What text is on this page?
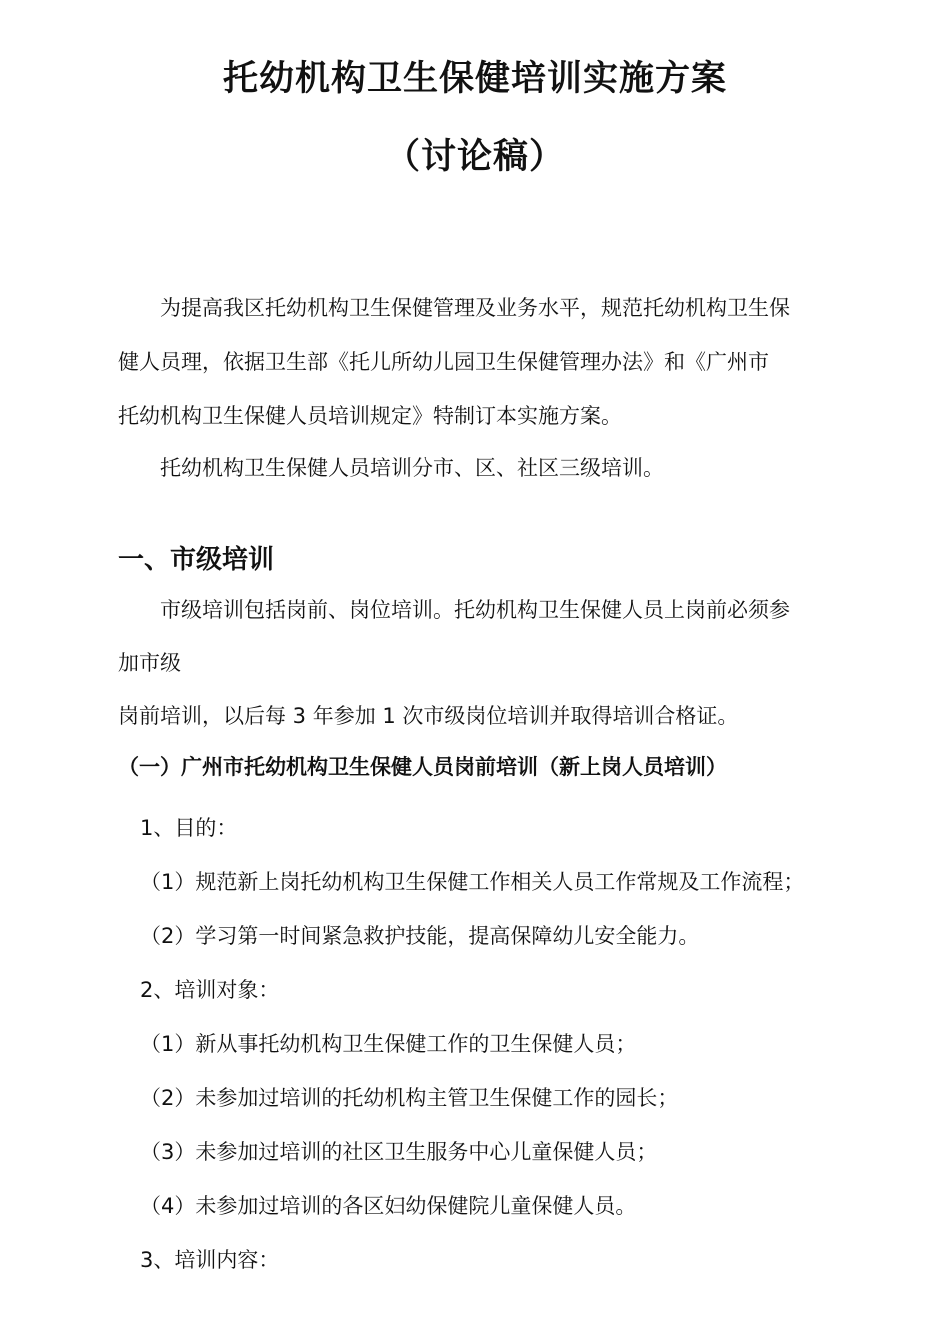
托幼机构卫生保健培训实施方案
（讨论稿）
为提高我区托幼机构卫生保健管理及业务水平，规范托幼机构卫生保
健人员理，依据卫生部《托儿所幼儿园卫生保健管理办法》和《广州市
托幼机构卫生保健人员培训规定》特制订本实施方案。
托幼机构卫生保健人员培训分市、区、社区三级培训。
一、市级培训
市级培训包括岗前、岗位培训。托幼机构卫生保健人员上岗前必须参
加市级
岗前培训，以后每 3 年参加 1 次市级岗位培训并取得培训合格证。
（一）广州市托幼机构卫生保健人员岗前培训（新上岗人员培训）
1、目的：
（1）规范新上岗托幼机构卫生保健工作相关人员工作常规及工作流程；
（2）学习第一时间紧急救护技能，提高保障幼儿安全能力。
2、培训对象：
（1）新从事托幼机构卫生保健工作的卫生保健人员；
（2）未参加过培训的托幼机构主管卫生保健工作的园长；
（3）未参加过培训的社区卫生服务中心儿童保健人员；
（4）未参加过培训的各区妇幼保健院儿童保健人员。
3、培训内容：
